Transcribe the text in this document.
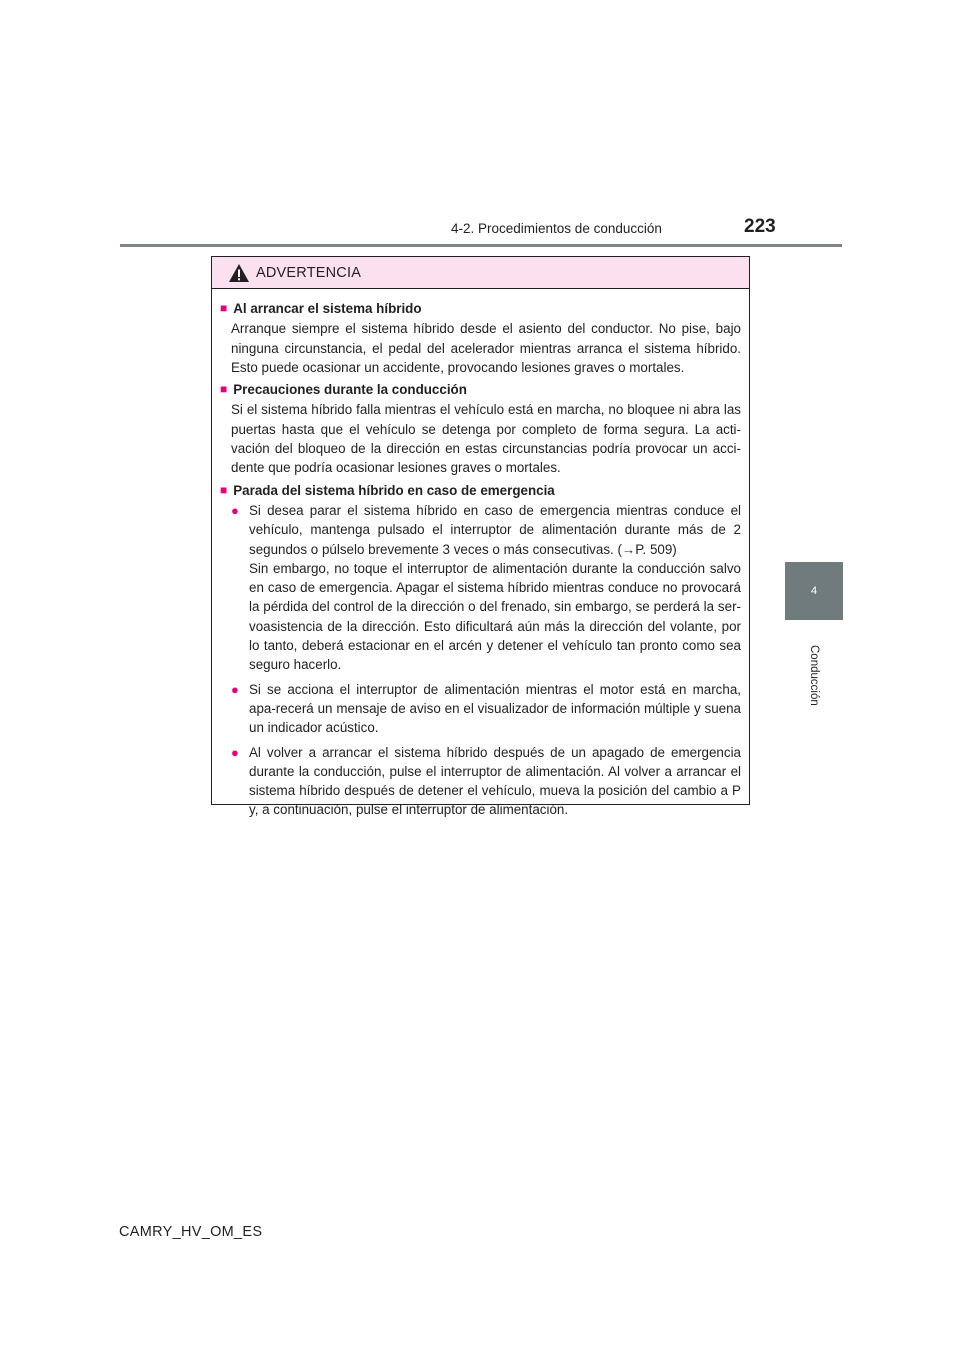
4-2. Procedimientos de conducción	223
4
Conducción
ADVERTENCIA
■ Al arrancar el sistema híbrido
Arranque siempre el sistema híbrido desde el asiento del conductor. No pise, bajo ninguna circunstancia, el pedal del acelerador mientras arranca el sistema híbrido. Esto puede ocasionar un accidente, provocando lesiones graves o mortales.
■ Precauciones durante la conducción
Si el sistema híbrido falla mientras el vehículo está en marcha, no bloquee ni abra las puertas hasta que el vehículo se detenga por completo de forma segura. La acti-vación del bloqueo de la dirección en estas circunstancias podría provocar un acci-dente que podría ocasionar lesiones graves o mortales.
■ Parada del sistema híbrido en caso de emergencia
● Si desea parar el sistema híbrido en caso de emergencia mientras conduce el vehículo, mantenga pulsado el interruptor de alimentación durante más de 2 segundos o púlselo brevemente 3 veces o más consecutivas. (→P. 509)
Sin embargo, no toque el interruptor de alimentación durante la conducción salvo en caso de emergencia. Apagar el sistema híbrido mientras conduce no provocará la pérdida del control de la dirección o del frenado, sin embargo, se perderá la ser-voasistencia de la dirección. Esto dificultará aún más la dirección del volante, por lo tanto, deberá estacionar en el arcén y detener el vehículo tan pronto como sea seguro hacerlo.
● Si se acciona el interruptor de alimentación mientras el motor está en marcha, apa-recerá un mensaje de aviso en el visualizador de información múltiple y suena un indicador acústico.
● Al volver a arrancar el sistema híbrido después de un apagado de emergencia durante la conducción, pulse el interruptor de alimentación. Al volver a arrancar el sistema híbrido después de detener el vehículo, mueva la posición del cambio a P y, a continuación, pulse el interruptor de alimentación.
CAMRY_HV_OM_ES
